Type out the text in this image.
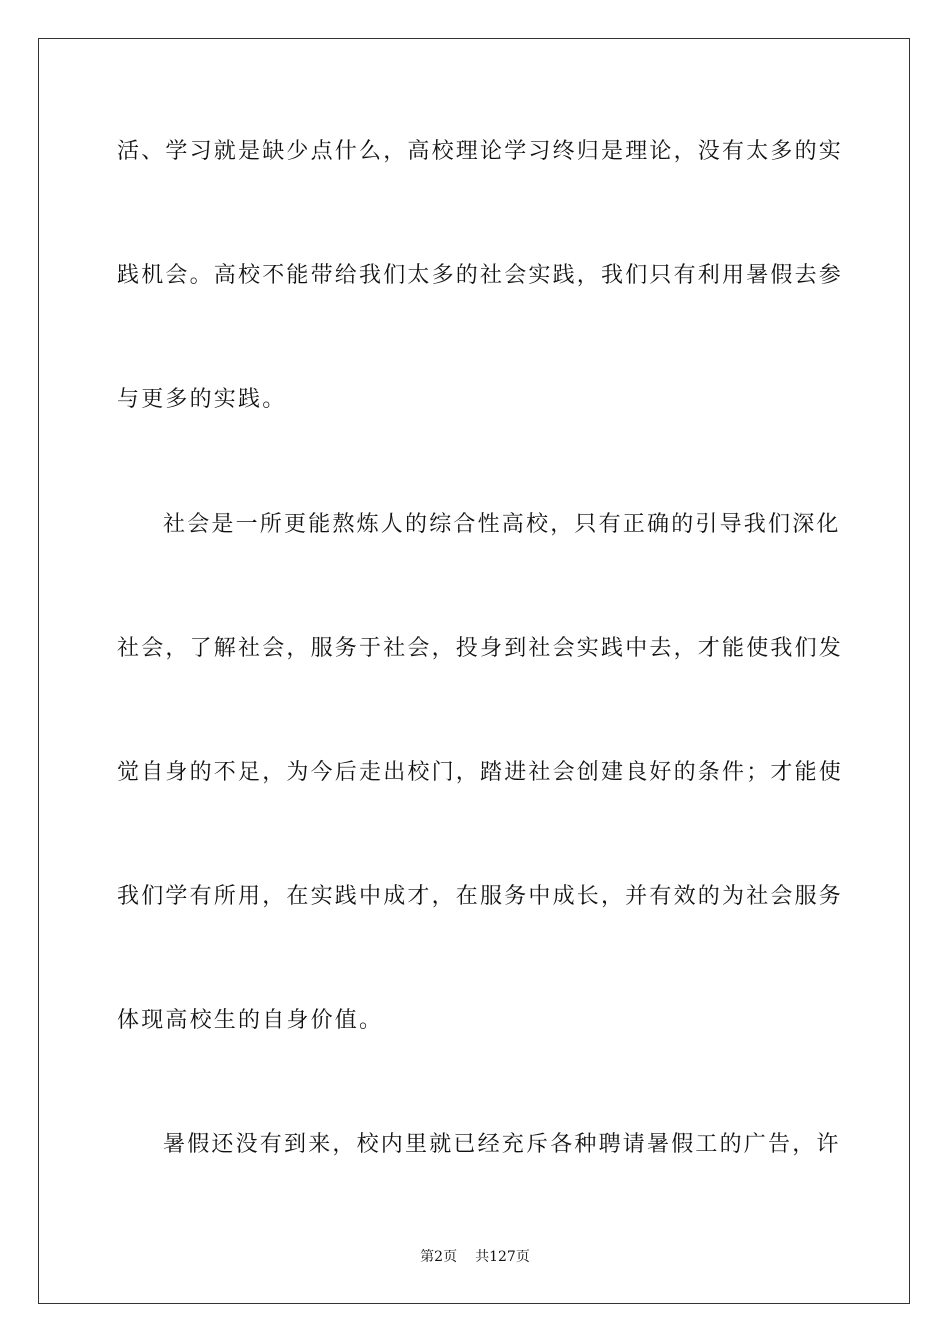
活、学习就是缺少点什么，高校理论学习终归是理论，没有太多的实
践机会。高校不能带给我们太多的社会实践，我们只有利用暑假去参
与更多的实践。
社会是一所更能熬炼人的综合性高校，只有正确的引导我们深化
社会，了解社会，服务于社会，投身到社会实践中去，才能使我们发
觉自身的不足，为今后走出校门，踏进社会创建良好的条件；才能使
我们学有所用，在实践中成才，在服务中成长，并有效的为社会服务
体现高校生的自身价值。
暑假还没有到来，校内里就已经充斥各种聘请暑假工的广告，许
第2页 共127页
